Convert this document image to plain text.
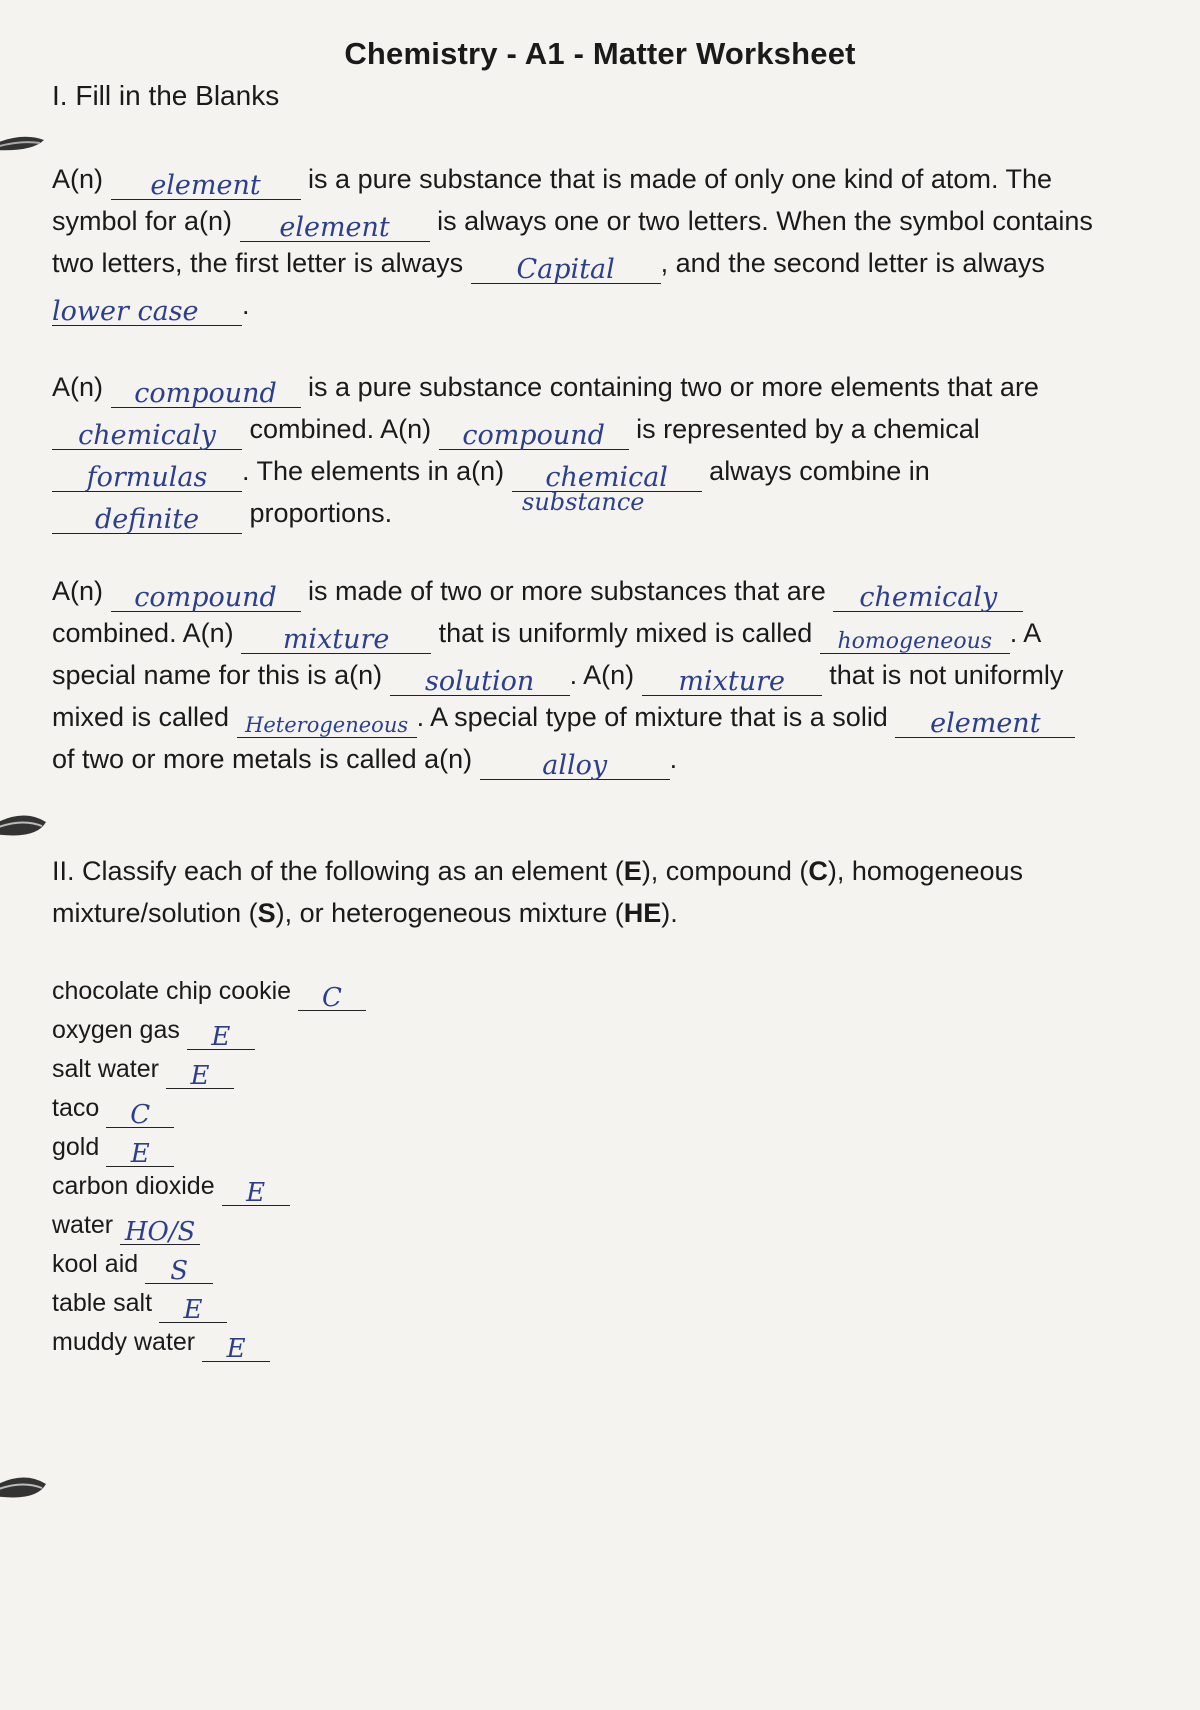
Chemistry - A1 - Matter Worksheet
I. Fill in the Blanks
A(n) element is a pure substance that is made of only one kind of atom. The
symbol for a(n) element is always one or two letters. When the symbol contains
two letters, the first letter is always Capital , and the second letter is always
lower case .
A(n) compound is a pure substance containing two or more elements that are
chemicaly combined. A(n) compound is represented by a chemical
formulas . The elements in a(n) chemical always combine in
definite proportions.	substance
A(n) compound is made of two or more substances that are chemicaly
combined. A(n) mixture that is uniformly mixed is called homogeneous . A
special name for this is a(n) solution . A(n) mixture that is not uniformly
mixed is called Heterogeneous . A special type of mixture that is a solid element
of two or more metals is called a(n)	alloy .
II. Classify each of the following as an element (E), compound (C), homogeneous
mixture/solution (S), or heterogeneous mixture (HE).
chocolate chip cookie C
oxygen gas E
salt water E
taco C
gold E
carbon dioxide E
water HO/S
kool aid S
table salt E
muddy water E
